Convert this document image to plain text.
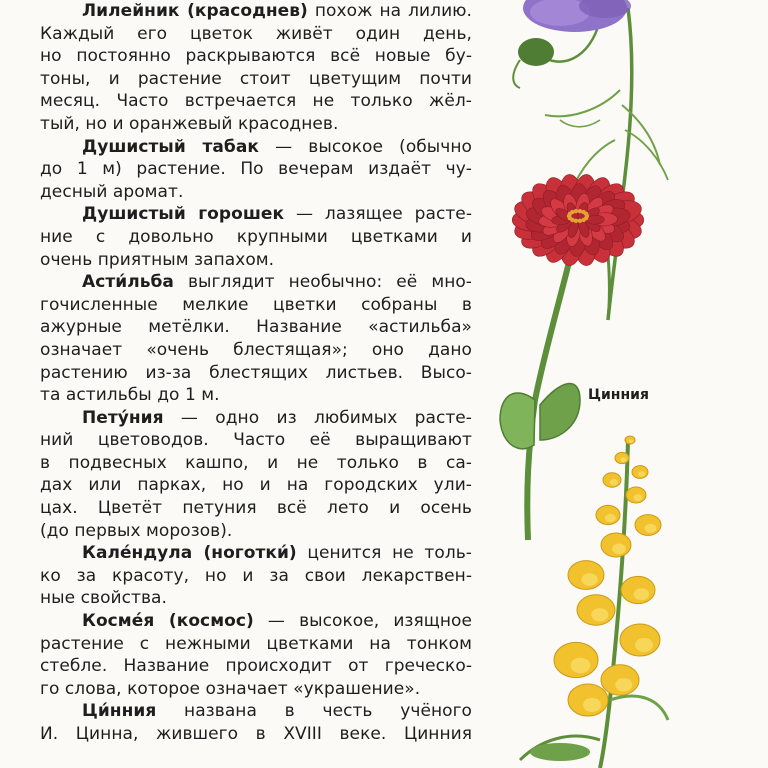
Лилейник (красоднев) похож на лилию.
Каждый его цветок живёт один день,
но постоянно раскрываются всё новые бу-
тоны, и растение стоит цветущим почти
месяц. Часто встречается не только жёл-
тый, но и оранжевый красоднев.
Душистый табак — высокое (обычно
до 1 м) растение. По вечерам издаёт чу-
десный аромат.
Душистый горошек — лазящее расте-
ние с довольно крупными цветками и
очень приятным запахом.
Асти́льба выглядит необычно: её мно-
гочисленные мелкие цветки собраны в
ажурные метёлки. Название «астильба»
означает «очень блестящая»; оно дано
растению из-за блестящих листьев. Высо-
та астильбы до 1 м.
Пету́ния — одно из любимых расте-
ний цветоводов. Часто её выращивают
в подвесных кашпо, и не только в са-
дах или парках, но и на городских ули-
цах. Цветёт петуния всё лето и осень
(до первых морозов).
Кале́ндула (ноготки́) ценится не толь-
ко за красоту, но и за свои лекарствен-
ные свойства.
Космéя (космос) — высокое, изящное
растение с нежными цветками на тонком
стебле. Название происходит от греческо-
го слова, которое означает «украшение».
Ци́нния названа в честь учёного
И. Цинна, жившего в XVIII веке. Цинния
Цинния
